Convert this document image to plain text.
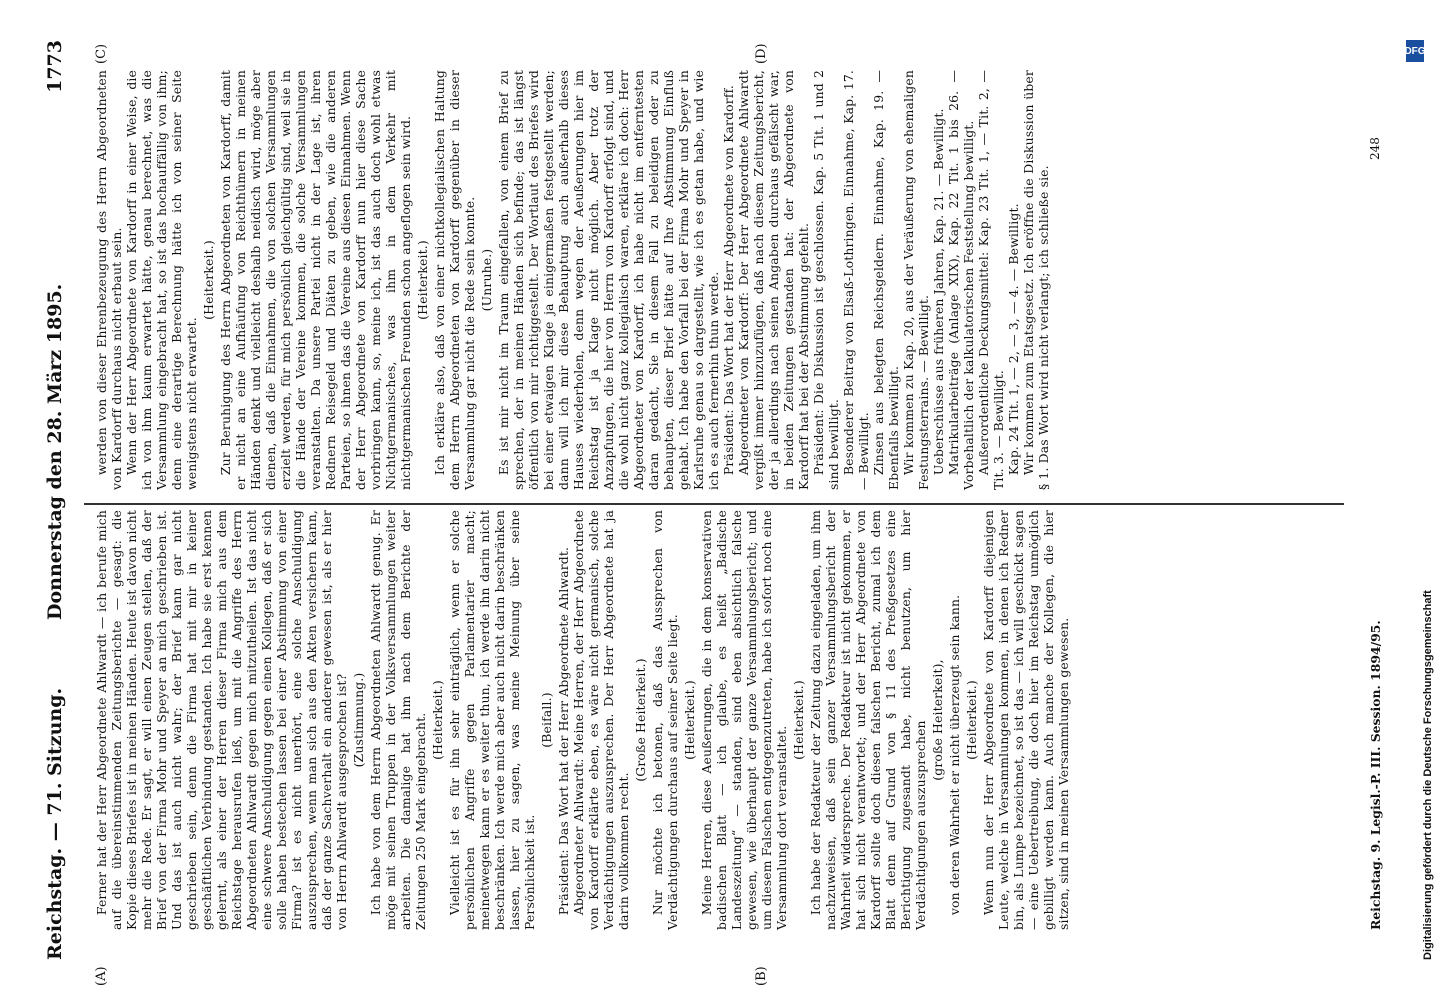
Reichstag. — 71. Sitzung.
Donnerstag den 28. März 1895.
1773
(A)	(B)
(C)	(D)

Ferner hat der Herr Abgeordnete Ahlwardt — ich berufe mich auf die übereinstimmenden Zeitungsberichte — gesagt: die Kopie dieses Briefes ist in meinen Händen. Heute ist davon nicht mehr die Rede. Er sagt, er will einen Zeugen stellen, daß der Brief von der Firma Mohr und Speyer an mich geschrieben ist. Und das ist auch nicht wahr; der Brief kann gar nicht geschrieben sein, denn die Firma hat mit mir in keiner geschäftlichen Verbindung gestanden. Ich habe sie erst kennen gelernt, als einer der Herren dieser Firma mich aus dem Reichstage herausrufen ließ, um mit die Angriffe des Herrn Abgeordneten Ahlwardt gegen mich mitzutheilen. Ist das nicht eine schwere Anschuldigung gegen einen Kollegen, daß er sich solle haben bestechen lassen bei einer Abstimmung von einer Firma? ist es nicht unerhört, eine solche Anschuldigung auszusprechen, wenn man sich aus den Akten versichern kann, daß der ganze Sachverhalt ein anderer gewesen ist, als er hier von Herrn Ahlwardt ausgesprochen ist? (Zustimmung.) Ich habe von dem Herrn Abgeordneten Ahlwardt genug. Er möge mit seinen Truppen in der Volksversammlungen weiter arbeiten. Die damalige hat ihm nach dem Berichte der Zeitungen 250 Mark eingebracht. (Heiterkeit.) Vielleicht ist es für ihn sehr einträglich, wenn er solche persönlichen Angriffe gegen Parlamentarier macht; meinetwegen kann er es weiter thun, ich werde ihn darin nicht beschränken. Ich werde mich aber auch nicht darin beschränken lassen, hier zu sagen, was meine Meinung über seine Persönlichkeit ist.

(Beifall.) Präsident: Das Wort hat der Herr Abgeordnete Ahlwardt. Abgeordneter Ahlwardt: Meine Herren, der Herr Abgeordnete von Kardorff erklärte eben, es wäre nicht germanisch, solche Verdächtigungen auszusprechen. Der Herr Abgeordnete hat ja darin vollkommen recht.

(Große Heiterkeit.) Nur möchte ich betonen, daß das Aussprechen von Verdächtigungen durchaus auf seiner Seite liegt. (Heiterkeit.) Meine Herren, diese Aeußerungen, die in dem konservativen badischen Blatt — ich glaube, es heißt „Badische Landeszeitung“ — standen, sind eben absichtlich falsche gewesen, wie überhaupt der ganze Versammlungsbericht; und um diesem Falschen entgegenzutreten, habe ich sofort noch eine Versammlung dort veranstaltet.

(Heiterkeit.) Ich habe der Redakteur der Zeitung dazu eingeladen, um ihm nachzuweisen, daß sein ganzer Versammlungsbericht der Wahrheit widerspreche. Der Redakteur ist nicht gekommen, er hat sich nicht verantwortet; und der Herr Abgeordnete von Kardorff sollte doch diesen falschen Bericht, zumal ich dem Blatt denn auf Grund von § 11 des Preßgesetzes eine Berichtigung zugesandt habe, nicht benutzen, um hier Verdächtigungen auszusprechen

(große Heiterkeit), von deren Wahrheit er nicht überzeugt sein kann. (Heiterkeit.) Wenn nun der Herr Abgeordnete von Kardorff diejenigen Leute, welche in Versammlungen kommen, in denen ich Redner bin, als Lumpe bezeichnet, so ist das — ich will geschickt sagen — eine Uebertreibung, die doch hier im Reichstag unmöglich gebilligt werden kann. Auch manche der Kollegen, die hier sitzen, sind in meinen Versammlungen gewesen.

werden von dieser Ehrenbezeugung des Herrn Abgeordneten von Kardorff durchaus nicht erbaut sein. Wenn der Herr Abgeordnete von Kardorff in einer Weise, die ich von ihm kaum erwartet hätte, genau berechnet, was die Versammlung eingebracht hat, so ist das hochauffällig von ihm; denn eine derartige Berechnung hätte ich von seiner Seite wenigstens nicht erwartet.

(Heiterkeit.) Zur Beruhigung des Herrn Abgeordneten von Kardorff, damit er nicht an eine Aufhäufung von Reichthümern in meinen Händen denkt und vielleicht deshalb neidisch wird, möge aber dienen, daß die Einnahmen, die von solchen Versammlungen erzielt werden, für mich persönlich gleichgültig sind, weil sie in die Hände der Vereine kommen, die solche Versammlungen veranstalten. Da unsere Partei nicht in der Lage ist, ihren Rednern Reisegeld und Diäten zu geben, wie die anderen Parteien, so ihnen das die Vereine aus diesen Einnahmen. Wenn der Herr Abgeordnete von Kardorff nun hier diese Sache vorbringen kann, so, meine ich, ist das auch doch wohl etwas Nichtgermanisches, was ihm in dem Verkehr mit nichtgermanischen Freunden schon angeflogen sein wird. (Heiterkeit.) Ich erkläre also, daß von einer nichtkollegialischen Haltung dem Herrn Abgeordneten von Kardorff gegenüber in dieser Versammlung gar nicht die Rede sein konnte. (Unruhe.) Es ist mir nicht im Traum eingefallen, von einem Brief zu sprechen, der in meinen Händen sich befinde; das ist längst öffentlich von mir richtiggestellt. Der Wortlaut des Briefes wird bei einer etwaigen Klage ja einigermaßen festgestellt werden; dann will ich mir diese Behauptung auch außerhalb dieses Hauses wiederholen, denn wegen der Aeußerungen hier im Reichstag ist ja Klage nicht möglich. Aber trotz der Anzapfungen, die hier von Herrn von Kardorff erfolgt sind, und die wohl nicht ganz kollegialisch waren, erkläre ich doch: Herr Abgeordneter von Kardorff, ich habe nicht im entferntesten daran gedacht, Sie in diesem Fall zu beleidigen oder zu behaupten, dieser Brief hätte auf Ihre Abstimmung Einfluß gehabt. Ich habe den Vorfall bei der Firma Mohr und Speyer in Karlsruhe genau so dargestellt, wie ich es getan habe, und wie ich es auch fernerhin thun werde. Präsident: Das Wort hat der Herr Abgeordnete von Kardorff. Abgeordneter von Kardorff: Der Herr Abgeordnete Ahlwardt vergißt immer hinzuzufügen, daß nach diesem Zeitungsbericht, der ja allerdings nach seinen Angaben durchaus gefälscht war, in beiden Zeitungen gestanden hat: der Abgeordnete von Kardorff hat bei der Abstimmung gefehlt. Präsident: Die Diskussion ist geschlossen. Kap. 5 Tit. 1 und 2 sind bewilligt. Besonderer Beitrag von Elsaß-Lothringen. Einnahme, Kap. 17. — Bewilligt. Zinsen aus belegten Reichsgeldern. Einnahme, Kap. 19. — Ebenfalls bewilligt. Wir kommen zu Kap. 20, aus der Veräußerung von ehemaligen Festungsterrains. — Bewilligt. Ueberschüsse aus früheren Jahren, Kap. 21. — Bewilligt. Matrikularbeiträge (Anlage XIX), Kap. 22 Tit. 1 bis 26. — Vorbehaltlich der kalkulatorischen Feststellung bewilligt. Außerordentliche Deckungsmittel: Kap. 23 Tit. 1, — Tit. 2, — Tit. 3. — Bewilligt. Kap. 24 Tit. 1, — 2, — 3, — 4. — Bewilligt. Wir kommen zum Etatsgesetz. Ich eröffne die Diskussion über § 1. Das Wort wird nicht verlangt; ich schließe sie.

Reichstag. 9. Legisl.-P. III. Session. 1894/95.
248
DFG
Digitalisierung gefördert durch die Deutsche Forschungsgemeinschaft
